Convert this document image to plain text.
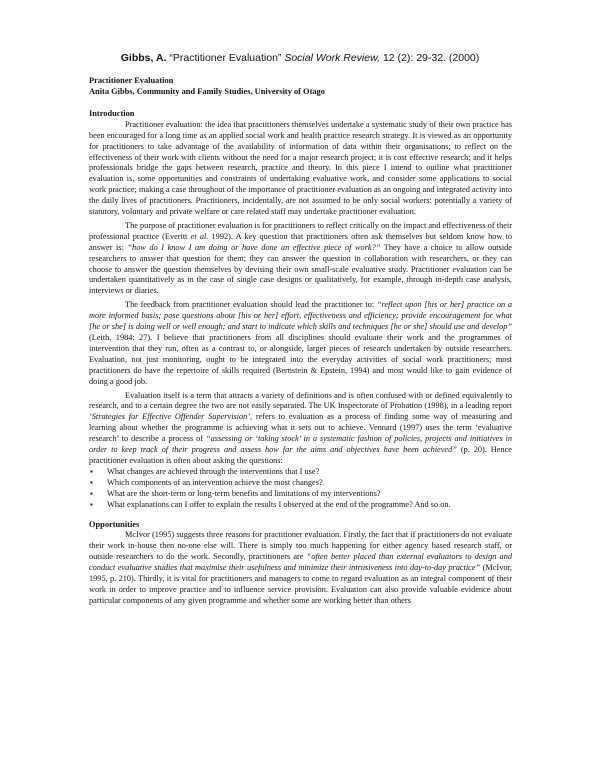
Gibbs, A. “Practitioner Evaluation” Social Work Review, 12 (2): 29-32. (2000)
Practitioner Evaluation
Anita Gibbs, Community and Family Studies, University of Otago
Introduction

Practitioner evaluation: the idea that practitioners themselves undertake a systematic study of their own practice has been encouraged for a long time as an applied social work and health practice research strategy. It is viewed as an opportunity for practitioners to take advantage of the availability of information of data within their organisations; to reflect on the effectiveness of their work with clients without the need for a major research project; it is cost effective research; and it helps professionals bridge the gaps between research, practice and theory. In this piece I intend to outline what practitioner evaluation is, some opportunities and constraints of undertaking evaluative work, and consider some applications to social work practice; making a case throughout of the importance of practitioner evaluation as an ongoing and integrated activity into the daily lives of practitioners. Practitioners, incidentally, are not assumed to be only social workers: potentially a variety of statutory, voluntary and private welfare or care related staff may undertake practitioner evaluation.

The purpose of practitioner evaluation is for practitioners to reflect critically on the impact and effectiveness of their professional practice (Everitt et al. 1992). A key question that practitioners often ask themselves but seldom know how to answer is: “how do I know I am doing or have done an effective piece of work?” They have a choice to allow outside researchers to answer that question for them; they can answer the question in collaboration with researchers, or they can choose to answer the question themselves by devising their own small-scale evaluative study. Practitioner evaluation can be undertaken quantitatively as in the case of single case designs or qualitatively, for example, through in-depth case analysis, interviews or diaries.

The feedback from practitioner evaluation should lead the practitioner to: “reflect upon [his or her] practice on a more informed basis; pose questions about [his or her] effort, effectiveness and efficiency; provide encouragement for what [he or she] is doing well or well enough; and start to indicate which skills and techniques [he or she] should use and develop” (Leith, 1984: 27). I believe that practitioners from all disciplines should evaluate their work and the programmes of intervention that they run, often as a contrast to, or alongside, larger pieces of research undertaken by outside researchers. Evaluation, not just monitoring, ought to be integrated into the everyday activities of social work practitioners; most practitioners do have the repertoire of skills required (Bernstein & Epstein, 1994) and most would like to gain evidence of doing a good job.

Evaluation itself is a term that attracts a variety of definitions and is often confused with or defined equivalently to research, and to a certain degree the two are not easily separated. The UK Inspectorate of Probation (1998), in a leading report ‘Strategies for Effective Offender Supervision’, refers to evaluation as a process of finding some way of measuring and learning about whether the programme is achieving what it sets out to achieve. Vennard (1997) uses the term ‘evaluative research’ to describe a process of “assessing or ‘taking stock’ in a systematic fashion of policies, projects and initiatives in order to keep track of their progress and assess how far the aims and objectives have been achieved” (p. 20). Hence practitioner evaluation is often about asking the questions:

▪ What changes are achieved through the interventions that I use?
▪ Which components of an intervention achieve the most changes?
▪ What are the short-term or long-term benefits and limitations of my interventions?
▪ What explanations can I offer to explain the results I observed at the end of the programme? And so on.
Opportunities

McIvor (1995) suggests three reasons for practitioner evaluation. Firstly, the fact that if practitioners do not evaluate their work in-house then no-one else will. There is simply too much happening for either agency based research staff, or outside researchers to do the work. Secondly, practitioners are “often better placed than external evaluators to design and conduct evaluative studies that maximise their usefulness and minimize their intrusiveness into day-to-day practice” (McIvor, 1995, p. 210). Thirdly, it is vital for practitioners and managers to come to regard evaluation as an integral component of their work in order to improve practice and to influence service provision. Evaluation can also provide valuable evidence about particular components of any given programme and whether some are working better than others
